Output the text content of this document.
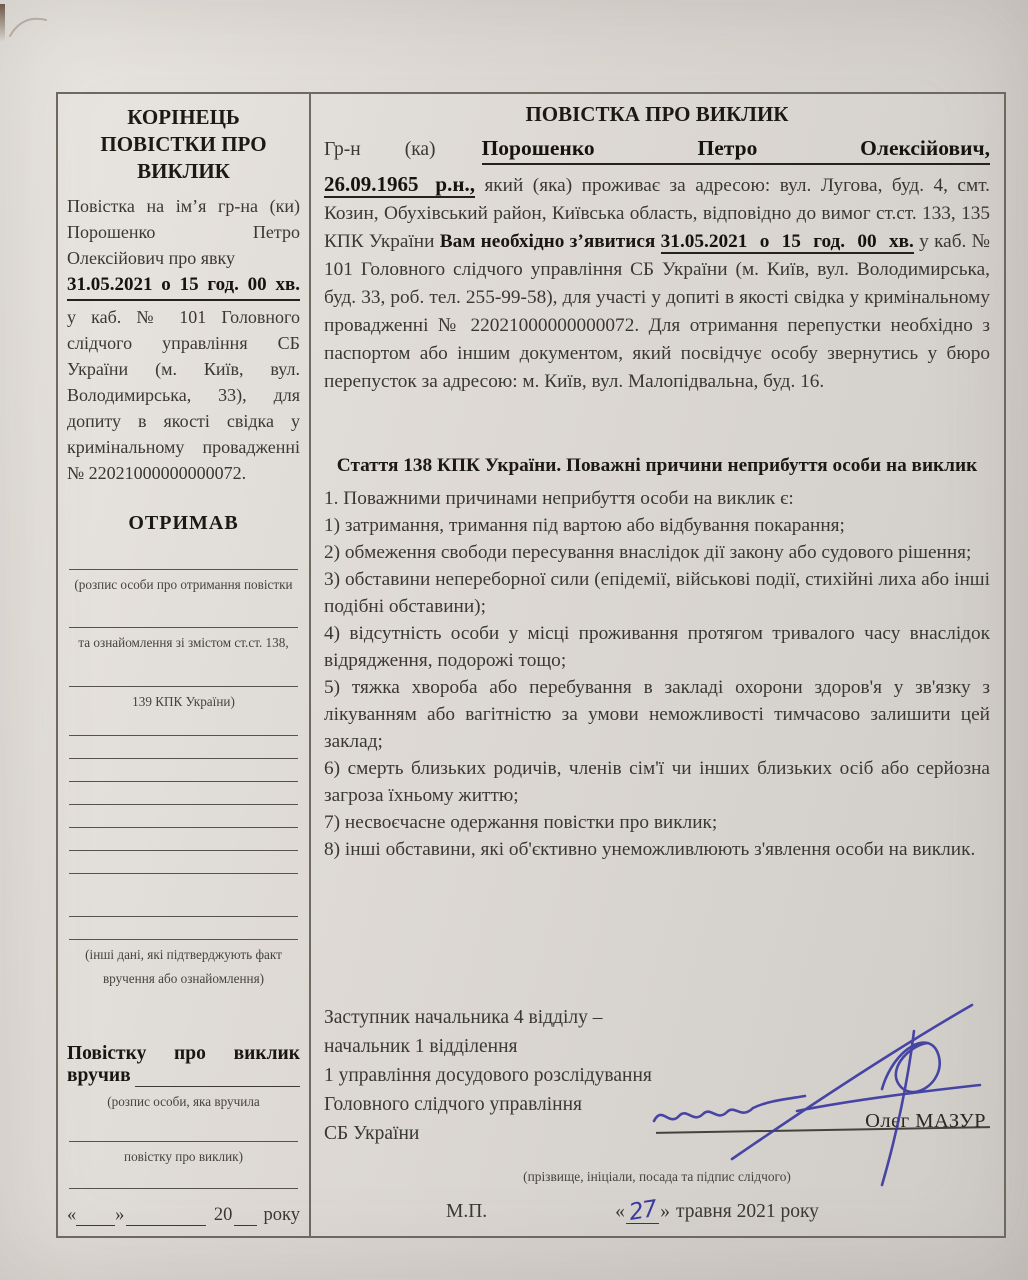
КОРІНЕЦЬ ПОВІСТКИ ПРО ВИКЛИК

Повістка на ім’я гр-на (ки) Порошенко Петро Олексійович про явку
31.05.2021 о 15 год. 00 хв.
у каб. № 101 Головного слідчого управління СБ України (м. Київ, вул. Володимирська, 33), для допиту в якості свідка у кримінальному провадженні № 22021000000000072.

ОТРИМАВ
(розпис особи про отримання повістки
та ознайомлення зі змістом ст.ст. 138,
139 КПК України)
(інші дані, які підтверджують факт
вручення або ознайомлення)
Повістку про виклик
вручив
(розпис особи, яка вручила
повістку про виклик)
« »	20 року
ПОВІСТКА ПРО ВИКЛИК
Гр-н (ка) Порошенко	Петро	Олексійович,

26.09.1965 р.н., який (яка) проживає за адресою: вул. Лугова, буд. 4, смт. Козин, Обухівський район, Київська область, відповідно до вимог ст.ст. 133, 135 КПК України Вам необхідно з’явитися 31.05.2021 о 15 год. 00 хв. у каб. № 101 Головного слідчого управління СБ України (м. Київ, вул. Володимирська, буд. 33, роб. тел. 255-99-58), для участі у допиті в якості свідка у кримінальному провадженні № 22021000000000072. Для отримання перепустки необхідно з паспортом або іншим документом, який посвідчує особу звернутись у бюро перепусток за адресою: м. Київ, вул. Малопідвальна, буд. 16.

Стаття 138 КПК України. Поважні причини неприбуття особи на виклик

1. Поважними причинами неприбуття особи на виклик є:

1) затримання, тримання під вартою або відбування покарання;

2) обмеження свободи пересування внаслідок дії закону або судового рішення;

3) обставини непереборної сили (епідемії, військові події, стихійні лиха або інші подібні обставини);

4) відсутність особи у місці проживання протягом тривалого часу внаслідок відрядження, подорожі тощо;

5) тяжка хвороба або перебування в закладі охорони здоров'я у зв'язку з лікуванням або вагітністю за умови неможливості тимчасово залишити цей заклад;

6) смерть близьких родичів, членів сім'ї чи інших близьких осіб або серйозна загроза їхньому життю;

7) несвоєчасне одержання повістки про виклик;

8) інші обставини, які об'єктивно унеможливлюють з'явлення особи на виклик.

Заступник начальника 4 відділу –
начальник 1 відділення
1 управління досудового розслідування
Головного слідчого управління
СБ України
Олег МАЗУР
(прізвище, ініціали, посада та підпис слідчого)
М.П.	« 27 » травня 2021 року
